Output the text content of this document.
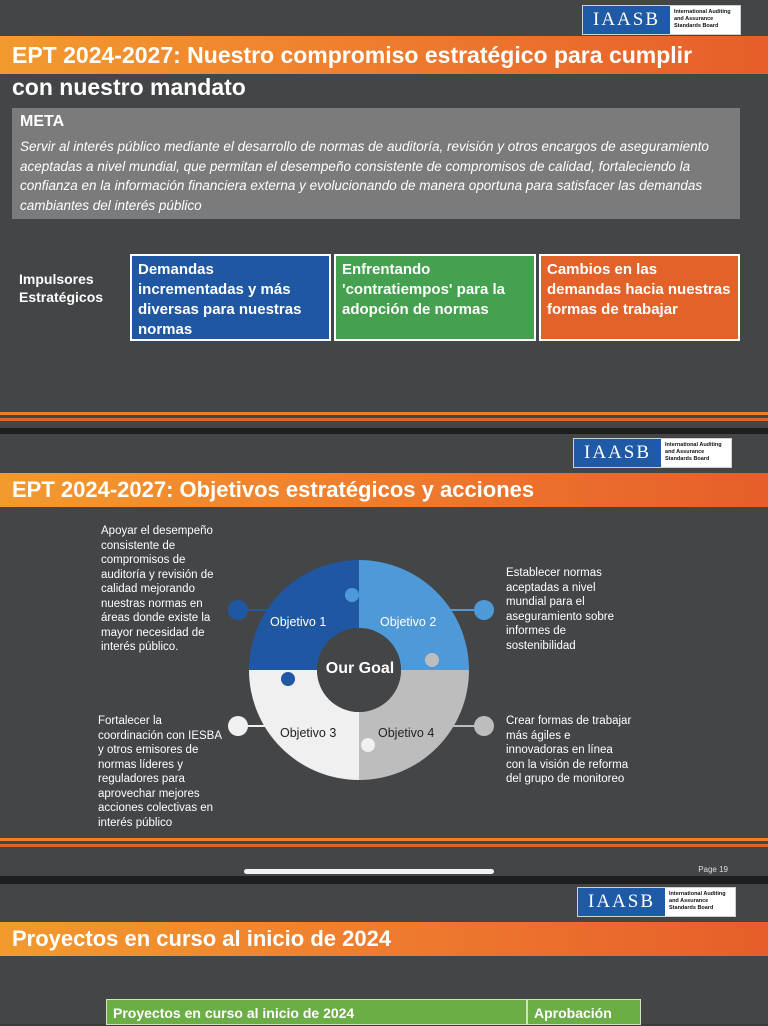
IAASB	International Auditing and Assurance Standards Board
EPT 2024-2027: Nuestro compromiso estratégico para cumplir
con nuestro mandato
META

Servir al interés público mediante el desarrollo de normas de auditoría, revisión y otros encargos de aseguramiento aceptadas a nivel mundial, que permitan el desempeño consistente de compromisos de calidad, fortaleciendo la confianza en la información financiera externa y evolucionando de manera oportuna para satisfacer las demandas cambiantes del interés público

Impulsores Estratégicos
Demandas incrementadas y más diversas para nuestras normas
Enfrentando 'contratiempos' para la adopción de normas
Cambios en las demandas hacia nuestras formas de trabajar
IAASB	International Auditing and Assurance Standards Board
EPT 2024-2027: Objetivos estratégicos y acciones
Our Goal
Objetivo 1	Objetivo 2
Objetivo 3	Objetivo 4
Apoyar el desempeño consistente de compromisos de auditoría y revisión de calidad mejorando nuestras normas en áreas donde existe la mayor necesidad de interés público.
Establecer normas aceptadas a nivel mundial para el aseguramiento sobre informes de sostenibilidad
Fortalecer la coordinación con IESBA y otros emisores de normas líderes y reguladores para aprovechar mejores acciones colectivas en interés público
Crear formas de trabajar más ágiles e innovadoras en línea con la visión de reforma del grupo de monitoreo
Page 19
IAASB	International Auditing and Assurance Standards Board
Proyectos en curso al inicio de 2024
Proyectos en curso al inicio de 2024	Aprobación
